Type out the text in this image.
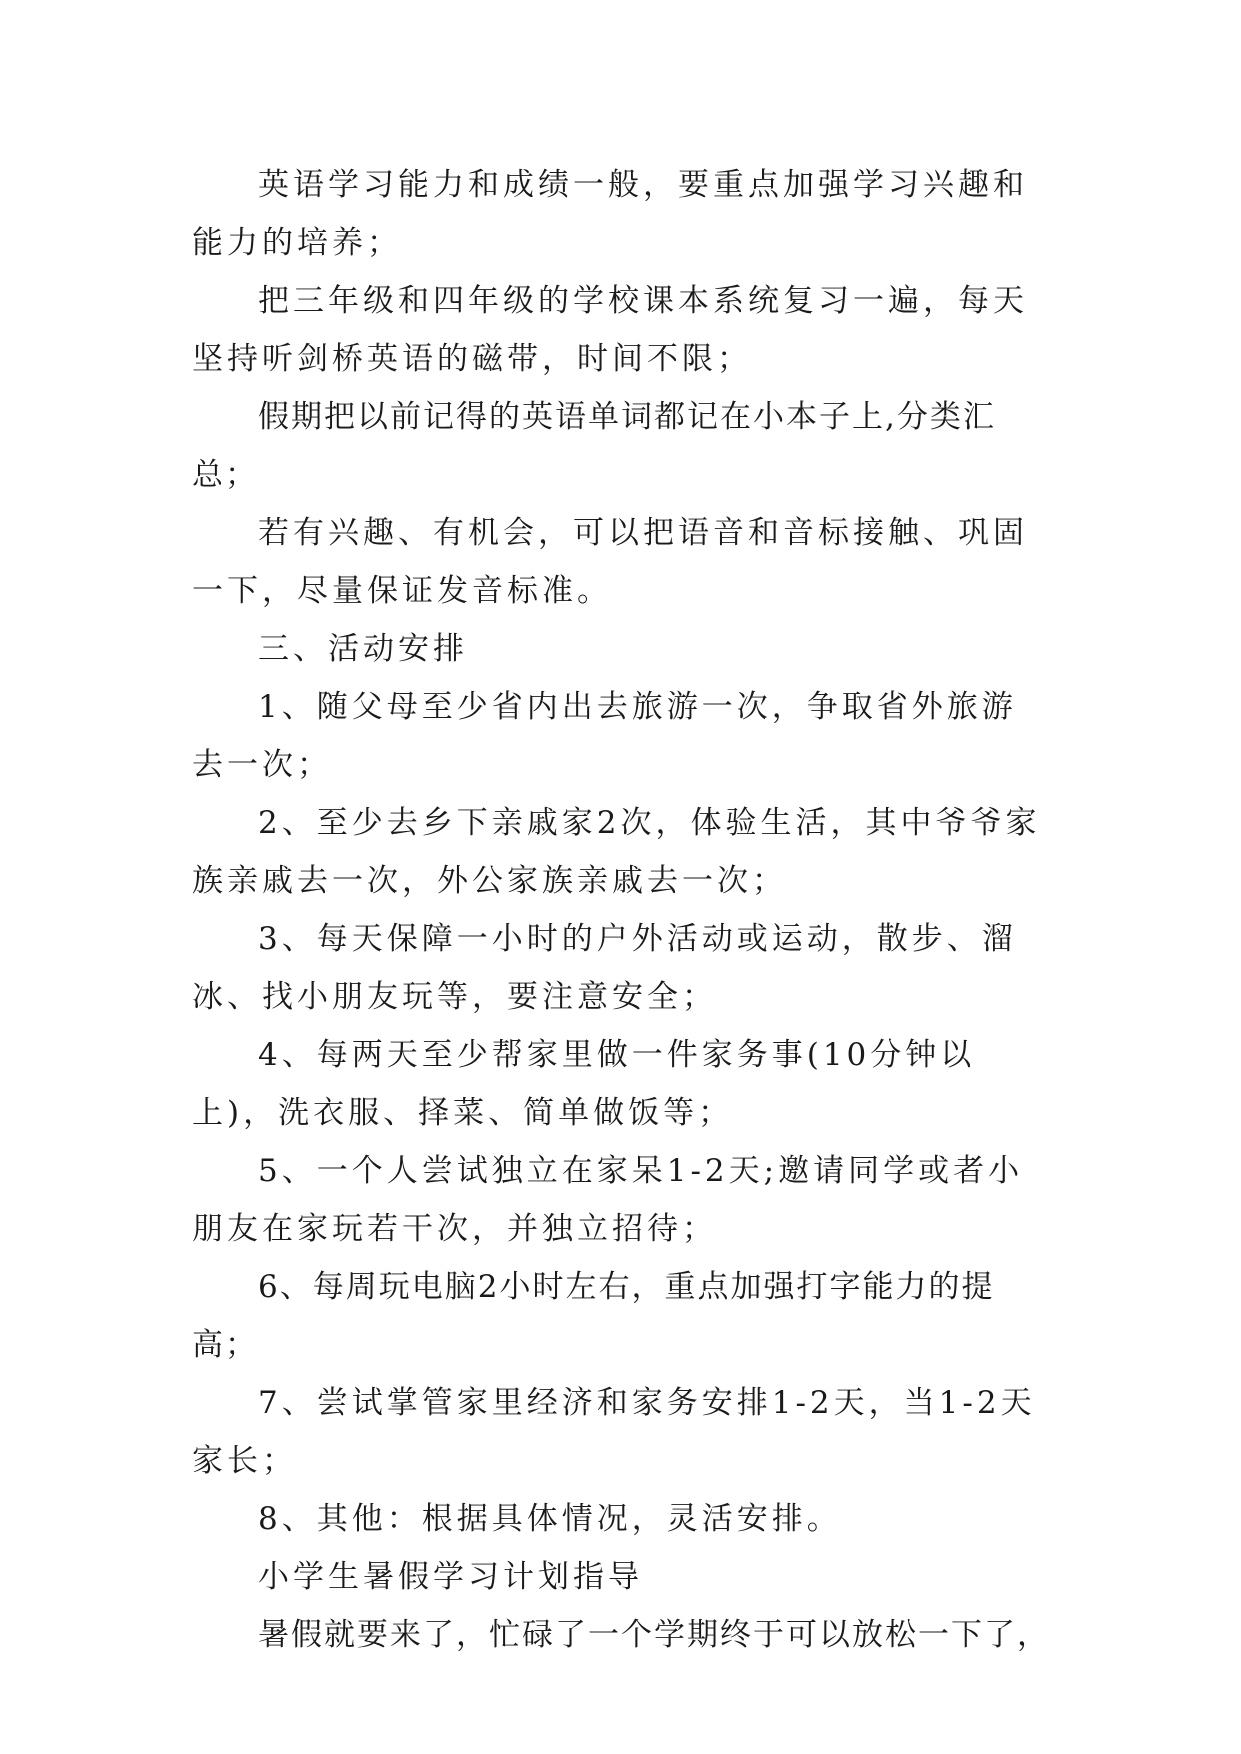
英语学习能力和成绩一般，要重点加强学习兴趣和能力的培养；

把三年级和四年级的学校课本系统复习一遍，每天坚持听剑桥英语的磁带，时间不限；

假期把以前记得的英语单词都记在小本子上,分类汇总；

若有兴趣、有机会，可以把语音和音标接触、巩固一下，尽量保证发音标准。

三、活动安排

1、随父母至少省内出去旅游一次，争取省外旅游去一次；

2、至少去乡下亲戚家2次，体验生活，其中爷爷家族亲戚去一次，外公家族亲戚去一次；

3、每天保障一小时的户外活动或运动，散步、溜冰、找小朋友玩等，要注意安全；

4、每两天至少帮家里做一件家务事(10分钟以上)，洗衣服、择菜、简单做饭等；

5、一个人尝试独立在家呆1-2天;邀请同学或者小朋友在家玩若干次，并独立招待；

6、每周玩电脑2小时左右，重点加强打字能力的提高；

7、尝试掌管家里经济和家务安排1-2天，当1-2天家长；

8、其他：根据具体情况，灵活安排。

小学生暑假学习计划指导

暑假就要来了，忙碌了一个学期终于可以放松一下了，
